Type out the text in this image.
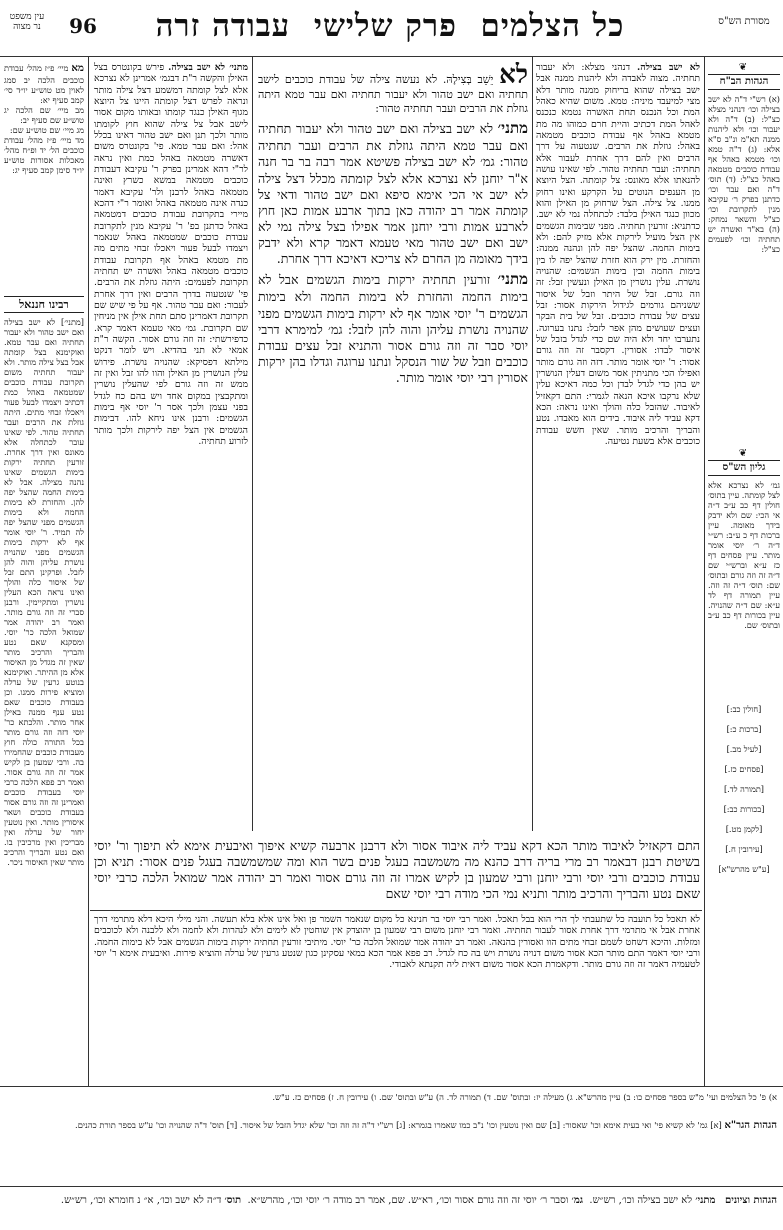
עין משפט
נר מצוה	96	כל הצלמים  פרק שלישי  עבודה זרה	מסורת הש"ס

מא מיי׳ פ״ז מהל׳ עבודת כוכבים הלכה יב סמג לאוין מט טוש״ע יו״ד סי׳ קמב סעיף יא:
מב מיי׳ שם הלכה יג טוש״ע שם סעיף יב:
מג מיי׳ שם טוש״ע שם:
מד מיי׳ פ״ז מהל׳ עבודת כוכבים הל׳ יד ופ״ח מהל׳ מאכלות אסורות טוש״ע יו״ד סימן קמב סעיף יג:

רבינו חננאל

[מתני׳] לא ישב בצילה ואם ישב טהור ולא יעבור תחתיה ואם עבר טמא. ואוקימנא בצל קומתה אבל בצל צילה מותר. ולא יעבור תחתיה משום תקרובת עבודת כוכבים שמטמאה באהל כמת דכתיב ויצמדו לבעל פעור ויאכלו זבחי מתים. היתה גוזלת את הרבים ועבר תחתיה טהור. לפי שאינו עובר לכתחלה אלא מאונס ואין דרך אחרת. זורעין תחתיה ירקות בימות הגשמים שאינו נהנה מצילה. אבל לא בימות החמה שהצל יפה להן. והחזרת לא בימות החמה ולא בימות הגשמים מפני שהצל יפה לה תמיד. ר' יוסי אומר אף לא ירקות בימות הגשמים מפני שהנויה נושרת עליהן והוה להן לזבל. ופרקינן התם זבל של איסור כלה והולך ואינו נראה הכא העלין נושרין ומתקיימין. ורבנן סברי זה וזה גורם מותר. ואמר רב יהודה אמר שמואל הלכה כר' יוסי. ומסקנא שאם נטע והבריך והרכיב מותר שאין זה מגדל מן האיסור אלא מן ההיתר. ואוקימנא בנוטע גרעין של ערלה ומוציא פירות ממנו. וכן בעבודת כוכבים שאם נטע ענף ממנה באילן אחר מותר. והלכתא כר' יוסי דזה וזה גורם מותר בכל התורה כולה חוץ מעבודת כוכבים שהחמירו בה. ורבי שמעון בן לקיש אמר זה וזה גורם אסור. ואמר רב פפא הלכה כרבי יוסי בעבודת כוכבים ואמרינן זה וזה גורם אסור בעבודת כוכבים ושאר איסורין מותר. ואין נוטעין יחור של ערלה ואין מבריכין ואין מרכיבין בו. ואם נטע והבריך והרכיב מותר שאין האיסור ניכר.

מתני׳ לא ישב בצילה. פירש בקונטרס בצל האילן והקשה ר"ת דבגמ׳ אמרינן לא נצרכא אלא לצל קומתה דמשמע דצל צילה מותר ונראה לפרש דצל קומתה היינו צל היוצא מגוף האילן כנגד קומתו ובאותו מקום אסור לישב אבל צל צילה שהוא חוץ לקומתו מותר ולכך תנן ואם ישב טהור דאינו בכלל אהל: ואם עבר טמא. פי' בקונטרס משום דאשרה מטמאה באהל כמת ואין נראה לר"י דהא אמרינן בפרק ר' עקיבא דעבודת כוכבים מטמאה במשא כשרץ ואינה מטמאה באהל לרבנן ולר' עקיבא דאמר כנדה אינה מטמאה באהל ואומר ר"י דהכא מיירי בתקרובת עבודת כוכבים דמטמאה באהל כדתנן בפ' ר' עקיבא מנין לתקרובת עבודת כוכבים שמטמאה באהל שנאמר ויצמדו לבעל פעור ויאכלו זבחי מתים מה מת מטמא באהל אף תקרובת עבודת כוכבים מטמאה באהל ואשרה יש תחתיה תקרובת לפעמים: היתה גוזלת את הרבים. פי' שנטעוה בדרך הרבים ואין דרך אחרת לעבור: ואם עבר טהור. אף על פי שיש שם תקרובת דאמרינן סתם תחת אילן אין מניחין שם תקרובת. גמ׳ מאי טעמא דאמר קרא. כדפירשתי: זה וזה גורם אסור. הקשה ר"ת אמאי לא תני בהדיא. ויש לומר דנקט מילתא דפסיקא: שהנויה נושרת. פירוש עלין הנושרין מן האילן והוו להו זבל ואין זה ממש זה וזה גורם לפי שהעלין נושרין ומתקבצין במקום אחד ויש בהם כח לגדל בפני עצמן ולכך אסר ר' יוסי אף בימות הגשמים: ורבנן אינו ניחא להו. דבימות הגשמים אין הצל יפה לירקות ולכך מותר לזרוע תחתיה.

לא יֵשֵׁב בְּצִילָהּ. לא נעשה צילה של עבודת כוכבים לישב תחתיה ואם ישב טהור ולא יעבור תחתיה ואם עבר טמא היתה גוזלת את הרבים ועבר תחתיה טהור:

מתני׳ לא ישב בצילה ואם ישב טהור ולא יעבור תחתיה ואם עבר טמא היתה גוזלת את הרבים ועבר תחתיה טהור: גמ׳ לא ישב בצילה פשיטא אמר רבה בר בר חנה א"ר יוחנן לא נצרכא אלא לצל קומתה מכלל דצל צילה לא ישב אי הכי אימא סיפא ואם ישב טהור ודאי צל קומתה אמר רב יהודה כאן בתוך ארבע אמות כאן חוץ לארבע אמות ורבי יוחנן אמר אפילו בצל צילה נמי לא ישב ואם ישב טהור מאי טעמא דאמר קרא ולא ידבק בידך מאומה מן החרם לא צריכא דאיכא דרך אחרת.

מתני׳ זורעין תחתיה ירקות בימות הגשמים אבל לא בימות החמה והחזרת לא בימות החמה ולא בימות הגשמים ר' יוסי אומר אף לא ירקות בימות הגשמים מפני שהנויה נושרת עליהן והוה להן לזבל: גמ׳ למימרא דרבי יוסי סבר זה וזה גורם אסור והתניא זבל עצים עבודת כוכבים וזבל של שור הנסקל ונתנו ערוגה וגדלו בהן ירקות אסורין רבי יוסי אומר מותר.

לא ישב בצילה. דנהני מצלא: ולא יעבור תחתיה. מצוה לאבדה ולא ליהנות ממנה אבל ישב בצילה שהוא בריחוק ממנה מותר דלא מצי למיעבד מיניה: טמא. משום שהיא כאהל המת וכל הנכנס תחת האשרה נטמא כנכנס לאהל המת דכתיב והיית חרם כמוהו מה מת מטמא באהל אף עבודת כוכבים מטמאה באהל: גוזלת את הרבים. שנטעוה על דרך הרבים ואין להם דרך אחרת לעבור אלא תחתיה: ועבר תחתיה טהור. לפי שאינו עושה להנאתו אלא מאונס: צל קומתה. הצל היוצא מן הענפים הנוטים על הקרקע ואינו רחוק ממנו. צל צילה. הצל שרחוק מן האילן והוא מכוון כנגד האילן בלבד: לכתחלה נמי לא ישב. כדתניא: זורעין תחתיה. מפני שבימות הגשמים אין הצל מועיל לירקות אלא מזיק להם: ולא בימות החמה. שהצל יפה להן ונהנה ממנה: והחזרת. מין ירק הוא חזרת שהצל יפה לו בין בימות החמה ובין בימות הגשמים: שהנויה נושרת. עלין נושרין מן האילן ונעשין זבל: זה וזה גורם. זבל של היתר וזבל של איסור ששניהם גורמים לגידול הירקות אסור: זבל עצים של עבודת כוכבים. זבל של בית הבקר ועצים שעושים מהן אפר לזבל: נתנו בערוגה. נתערבו יחד ולא היה שם כדי לגדל בזבל של איסור לבדו: אסורין. דקסבר זה וזה גורם אסור: ר' יוסי אומר מותר. דזה וזה גורם מותר ואפילו הכי מתניתין אסר משום דעלין הנושרין יש בהן כדי לגדל לבדן וכל כמה דאיכא עלין שלא נרקבו איכא הנאה לגמרי: התם דקאזיל לאיבוד. שהזבל כלה והולך ואינו נראה: הכא דקא עביד ליה איבוד. בידים הוא מאבדו. נטע והבריך והרכיב מותר. שאין חשש עבודת כוכבים אלא בשעת נטיעה.

התם דקאזיל לאיבוד מותר הכא דקא עביד ליה איבוד אסור ולא דרבנן ארבעה קשיא איפוך ואיבעית אימא לא תיפוך ור' יוסי בשיטת רבנן דבאמר רב מרי בריה דרב כהנא מה משמשבה בעגל פנים בשר הוא ומה שמשמשבה בעגל פנים אסור: תניא וכן עבודת כוכבים ורבי יוסי ורבי יוחנן ורבי שמעון בן לקיש אמרו זה וזה גורם אסור ואמר רב יהודה אמר שמואל הלכה כרבי יוסי שאם נטע והבריך והרכיב מותר ותניא נמי הכי מודה רבי יוסי שאם

לא תאכל כל תועבה כל שתעבתי לך הרי הוא בבל תאכל. ואמר רבי יוסי בר חנינא כל מקום שנאמר השמר פן ואל אינו אלא בלא תעשה. והני מילי היכא דלא מתרמי דרך אחרת אבל אי מתרמי דרך אחרת אסור לעבור תחתיה. ואמר רבי יוחנן משום רבי שמעון בן יהוצדק אין שוחטין לא לימים ולא לנהרות ולא לחמה ולא ללבנה ולא לכוכבים ומזלות. והיכא דשחט לשמם זבחי מתים הוו ואסורין בהנאה. ואמר רב יהודה אמר שמואל הלכה כר' יוסי. מיתיבי זורעין תחתיה ירקות בימות הגשמים אבל לא בימות החמה. ורבי יוסי דאמר התם מותר הכא אסור משום דנויה נושרת ויש בה כח לגדל. רב פפא אמר הכא במאי עסקינן כגון שנטע גרעין של ערלה והוציא פירות. ואיבעית אימא ר' יוסי לטעמיה דאמר זה וזה גורם מותר. ודקאמרת הכא אסור משום דאית ליה תקנתא לאבודי.

❦
הגהות הב"ח

(א) רש"י ד"ה לא ישב בצילה וכו׳ דנהני מצלא כצ"ל: (ב) ד"ה ולא יעבור וכו׳ ולא ליהנות ממנה תא"מ ונ"ב ס"א אלא: (ג) ד"ה טמא וכו׳ מטמא באהל אף עבודת כוכבים מטמאה באהל כצ"ל: (ד) תוס׳ ד"ה ואם עבר וכו׳ כדתנן בפרק ר׳ עקיבא מנין לתקרובת וכו׳ כצ"ל והשאר נמחק: (ה) בא"ד ואשרה יש תחתיה וכו׳ לפעמים כצ"ל:

❦
גליון הש"ס

גמ׳ לא נצרכא אלא לצל קומתה. עיין בתוס׳ חולין דף כב ע״ב ד״ה אי הכי: שם ולא ידבק בידך מאומה. עיין ברכות דף כ ע״ב: רש״י ד״ה ר׳ יוסי אומר מותר. עיין פסחים דף כז ע״א וברש״י שם ד״ה זה וזה גורם ובתוס׳ שם: תוס׳ ד״ה זה וזה. עיין תמורה דף לד ע״א: שם ד״ה שהנויה. עיין בכורות דף כב ע״ב ובתוס׳ שם.

[חולין כב:]

[ברכות כ:]

[לעיל מב.]

[פסחים כז.]

[תמורה לד.]

[בכורות כב:]

[לקמן מט.]

[עירובין ח.]

[ע"ש מהרש"א]

א) פ' כל הצלמים ועי' מ"ש בספר פסחים כו: ב) עיין מהרש"א. ג) מעילה יז: ובתוס' שם. ד) תמורה לד. ה) ע"ש ובתוס' שם. ו) עירובין ח. ז) פסחים כז. ע"ש.
הגהות הגר"א [א] גמ' לא קשיא פי' ואי בעית אימא וכו' שאסור: [ב] שם ואין נוטעין וכו' נ"ב כמו שאמרו בגמרא: [ג] רש"י ד"ה זה וזה וכו' שלא יגדל הזבל של איסור. [ד] תוס' ד"ה שהנויה וכו' ע"ש בספר תורת כהנים.
הגהות וציונים   מתני׳ לא ישב בצילה וכו׳, רש״ש.  גמ׳ וסבר ר׳ יוסי זה וזה גורם אסור וכו׳, רא״ש. שם, אמר רב מודה ר׳ יוסי וכו׳, מהרש״א.  תוס׳ ד״ה לא ישב וכו׳, א״ נ חומרא וכו׳, רש״ש.
